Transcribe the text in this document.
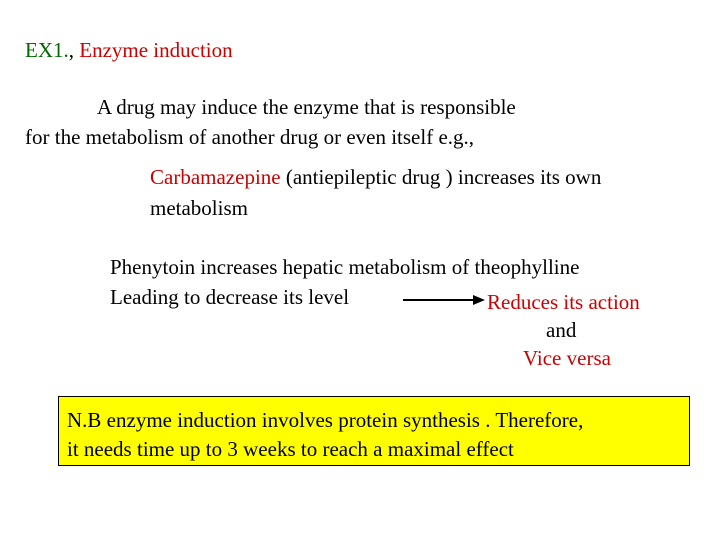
EX1., Enzyme induction
A drug may induce the enzyme that is responsible
for the metabolism of another drug or even itself e.g.,
Carbamazepine (antiepileptic drug ) increases its own
metabolism
Phenytoin increases hepatic metabolism of theophylline
Leading to decrease its level	Reduces its action
and
Vice versa
N.B enzyme induction involves protein synthesis . Therefore,
it needs time up to 3 weeks to reach a maximal effect
